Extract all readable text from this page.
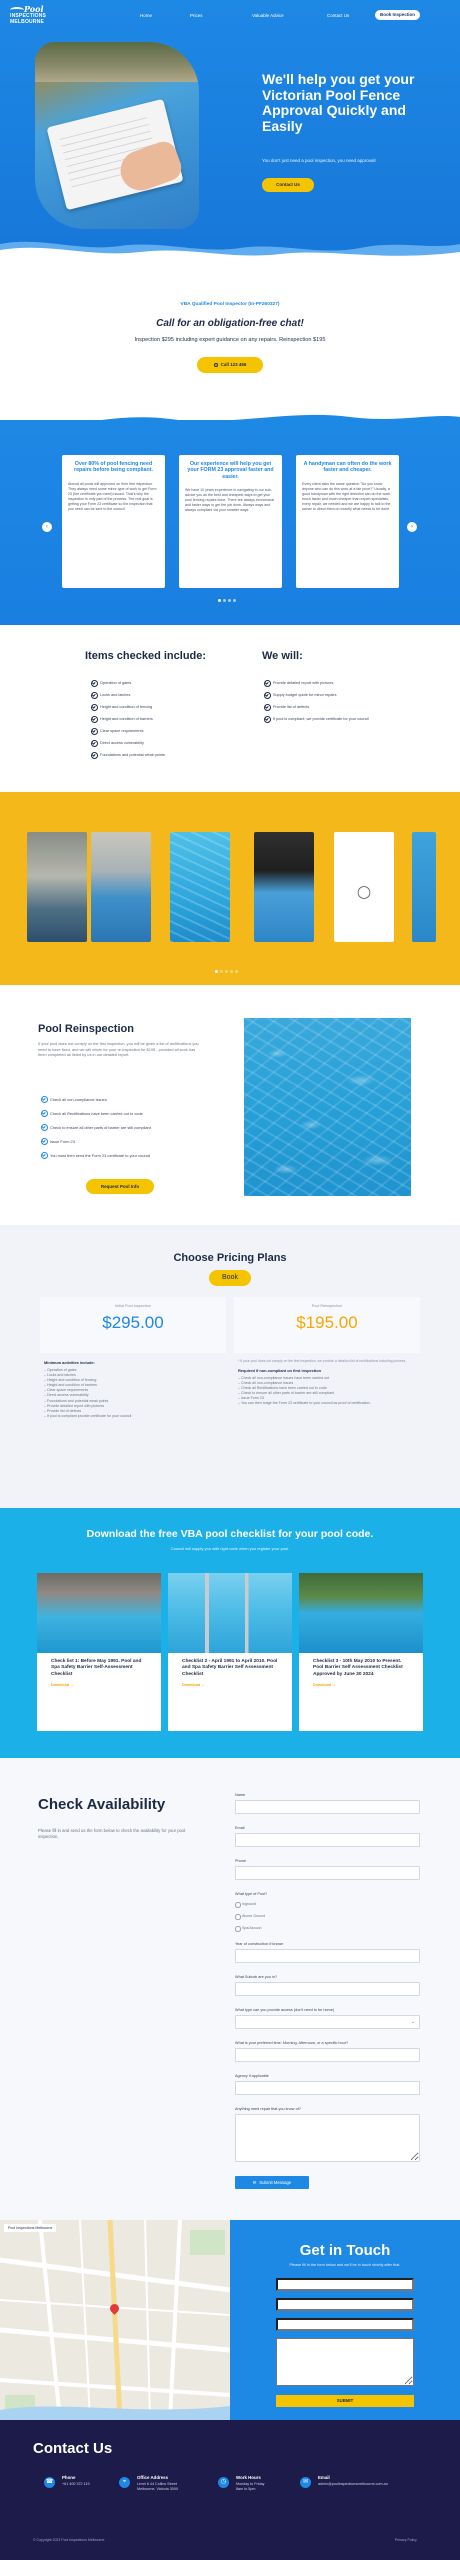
Pool
INSPECTIONS
MELBOURNE
Home	Prices	Valuable Advice	Contact Us	Book Inspection
We'll help you get your Victorian Pool Fence Approval Quickly and Easily

You don't just need a pool inspection, you need approval!

Contact Us

VBA Qualified Pool Inspector (In-PF260327)

Call for an obligation-free chat!

Inspection $295 including expert guidance on any repairs. Reinspection $195

Call 123 456
Over 80% of pool fencing need repairs before being compliant.

Almost all pools will approved on their first inspection. They always need some minor type of work to get Form 23 (the certificate you need) issued. That's why the inspection is only part of the process. The real goal is getting your Form 23 certificate so the inspection that you need can be sent to the council.

Our experience will help you get your FORM 23 approval faster and easier.

We have 10 years experience in navigating to our sub-advice you as the best and cheapest ways to get your pool fencing repairs done. There are always economical and faster ways to get the job done. Always ways and always compliant via your smarter ways.

A handyman can often do the work faster and cheaper.

Every client asks the same question "Do you know anyone who can do this work at a fair price?" Usually, a good handyman with the right direction can do the work much faster and much cheaper than expert specialists, every repair, we needed and we are happy to talk to the owner to direct them on exactly what needs to be done.

‹	›
Items checked include:	We will:
Operation of gates
Locks and latches
Height and condition of fencing
Height and condition of barriers
Clear space requirements
Direct access vulnerability
Foundations and potential weak points
Provide detailed report with pictures
Supply budget quote for minor repairs
Provide list of defects
If pool is compliant, we provide certificate for your council
Pool Reinspection

If your pool does not comply on the first inspection, you will be given a list of rectifications you need to have fixed, and we will return for your re-inspection for $195 - provided all work has been completed as listed by us in our detailed report.

Check all non-compliance issues
Check all Rectifications have been carried out to code
Check to ensure all other parts of barrier are still compliant
Issue Form 23
You must then send the Form 23 certificate to your council
Request Pool Info
Choose Pricing Plans
Book
Initial Pool Inspection
$295.00
Pool Reinspection
$195.00
Minimum activities include:
– Operation of gates
– Locks and latches
– Height and condition of fencing
– Height and condition of barriers
– Clear space requirements
– Direct access vulnerability
– Foundations and potential weak points
– Provide detailed report with pictures
– Provide list of defects
– If pool is compliant provide certificate for your council
* If your pool does not comply on the first inspection, we provide a detailed list of rectifications including pictures.
Required if non-compliant on first inspection
– Check all non-compliance issues have been carried out
– Check all non-compliance issues
– Check all Rectifications have been carried out to code
– Check to ensure all other parts of barrier are still compliant
– Issue Form 23
– You can then lodge the Form 23 certificate to your council as proof of certification.
Download the free VBA pool checklist for your pool code.

Council will supply you with right code when you register your pool.

Check list 1: Before May 1991. Pool and Spa Safety Barrier Self-Assessment Checklist
Download →
Checklist 2 - April 1991 to April 2010. Pool and Spa Safety Barrier Self Assessment Checklist
Download →
Checklist 3 - 10th May 2010 to Present. Pool Barrier Self Assessment Checklist Approved by June 30 2024
Download →
Check Availability

Please fill in and send us the form below to check the availability for your pool inspection.

Name
Email
Phone
What type of Pool?
Inground
Above Ground
Spa/Jacuzzi
Year of construction if known
What Suburb are you in?
What type can you provide access (don't need to be home)
⌄
What is your preferred time: Morning, Afternoon, or a specific hour?
Agency if applicable
Anything need repair that you know of?
✉ Submit Message
Pool Inspections Melbourne
Get in Touch

Please fill in the form below and we'll be in touch shortly after that.

SUBMIT
Contact Us
☎
Phone
+61 400 372 119	⌖
Office Address
Level 6 44 Collins Street
Melbourne, Victoria 3000
◷
Work Hours
Monday to Friday
8am to 5pm
✉
Email
admin@poolinspectionsmelbourne.com.au
© Copyright 2023 Pool Inspections Melbourne	Privacy Policy
